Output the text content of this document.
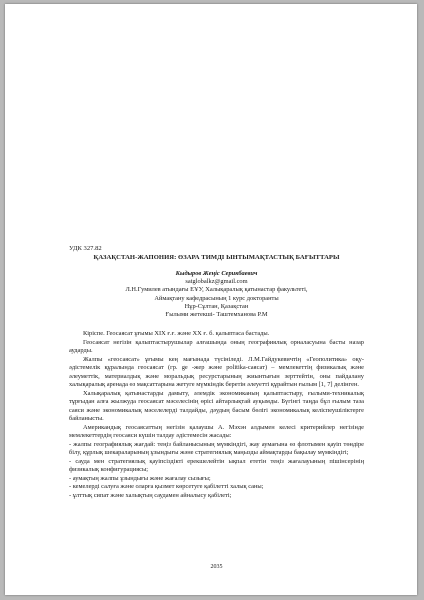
УДК 327.82
ҚАЗАҚСТАН-ЖАПОНИЯ: ӨЗАРА ТИМДІ ЫНТЫМАҚТАСТЫҚ БАҒЫТТАРЫ
Кыдыров Жеңіс Серикбаевич
satglobalkz@gmail.com
Л.Н.Гумилев атындағы ЕҰУ, Халықаралық қатынастар факультеті,
Аймақтану кафедрасының 1 курс докторанты
Нұр-Сұлтан, Қазақстан
Ғылыми жетекші- Таштемханова Р.М

Кіріспе. Геосаясат ұғымы XIX ғ.ғ. және XX ғ. б. қалыптаса бастады.

Геосаясат негізін қалыптастырушылар алғашында оның географиялық орналасуына басты назар аударды.

Жалпы «геосаясат» ұғымы кең мағынада түсініледі. Л.М.Гайдукевичтің «Геополитика» оқу-әдістемелік құралында геосаясат (гр. ge -жер және politika-саясат) – мемлекеттің физикалық және әлеуметтік, материалдық және моральдық ресурстарының жиынтығын зерттейтін, оны пайдалану халықаралық аренада өз мақсаттарына жетуге мүмкіндік беретін әлеуетті құрайтын ғылым [1, 7] делінген.

Халықаралық қатынастарды дамыту, әлемдік экономиканың қалыптастыру, ғылыми-техникалық тұрғыдан алға жылжуда геосаясат мәселесінің өрісі айтарлықтай ауқымды. Бүгінгі таңда бұл ғылым таза саяси және экономикалық мәселелерді талдайды, дәудың басым бөлігі экономикалық келіспеушіліктерге байланысты.

Американдық геосаясаттың негізін қалаушы А. Мэхэн алдымен келесі критерийлер негізінде мемлекеттердің геосаяси күшін талдау әдістемесін жасады:

- жалпы географиялық жағдай: теңіз байланысының мүмкіндігі, жау аумағына өз флотымен қауіп төндіре білу, құрлық шекараларының ұзындығы және стратегиялық маңызды аймақтарды бақылау мүмкіндігі;

- сауда мен стратегиялық қауіпсіздікті ерекшелейтін ықпал ететін теңіз жағалауының пішінсерінің физикалық конфигурациясы;

- аумақтың жалпы ұзындығы және жағалау сызығы;

- кемелерді салуға және оларға қызмет көрсетуге қабілетті халық саны;

- ұлттық сипат және халықтың саудамен айналысу қабілеті;

2035
